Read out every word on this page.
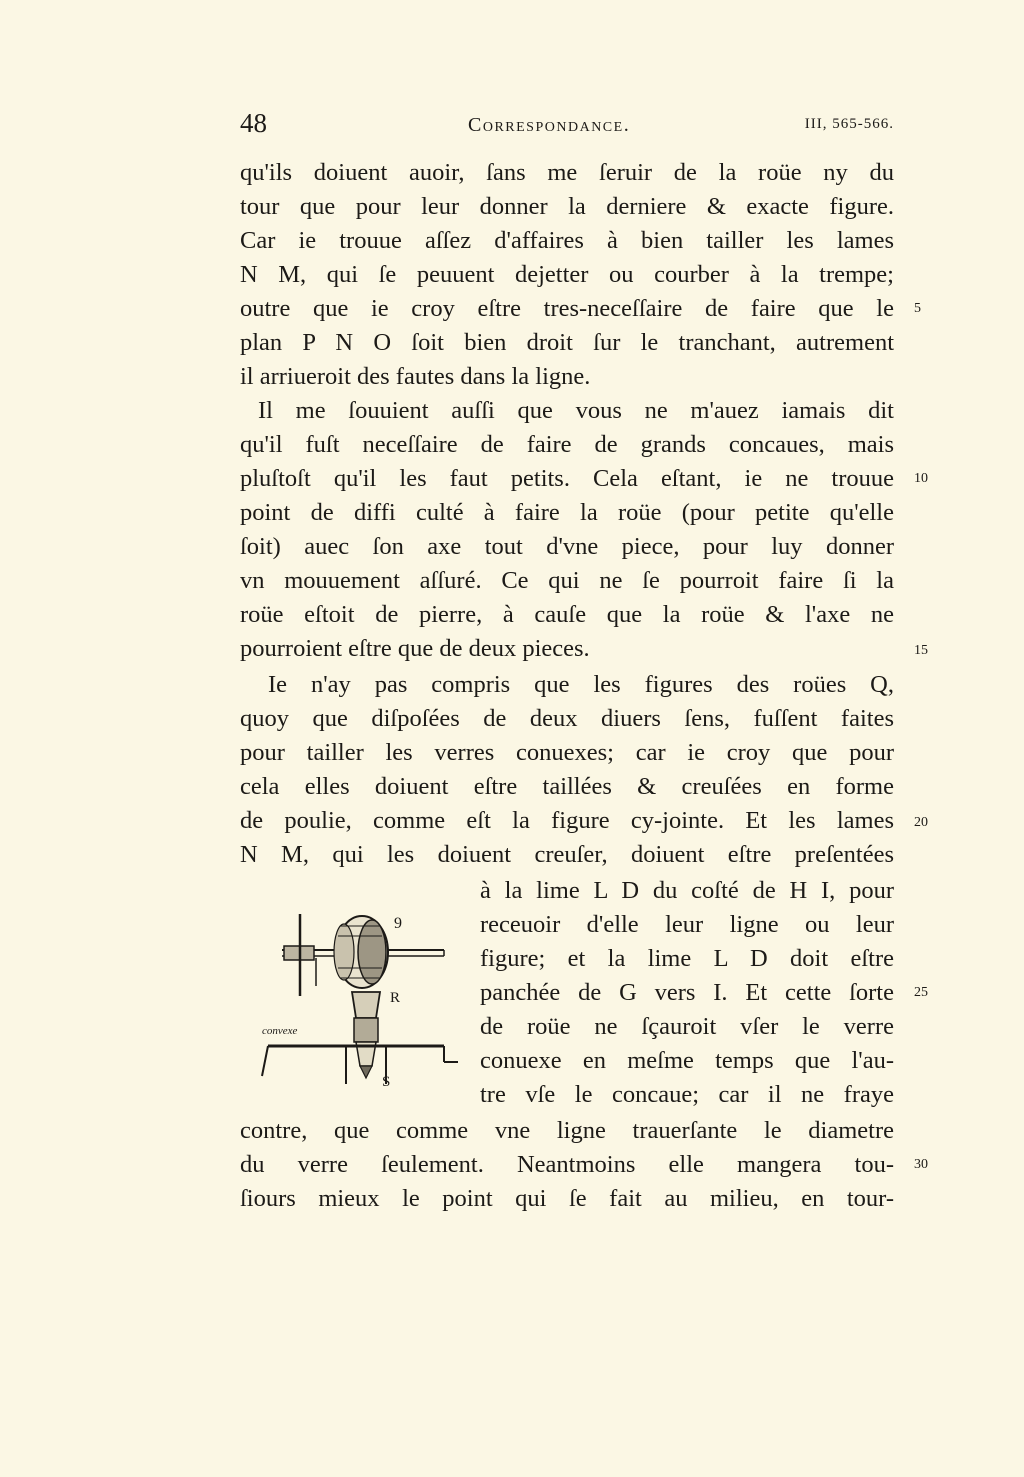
48	Correspondance.	III, 565-566.
qu'ils doiuent auoir, ſans me ſeruir de la roüe ny du
tour que pour leur donner la derniere & exacte figure.
Car ie trouue aſſez d'affaires à bien tailler les lames
N M, qui ſe peuuent dejetter ou courber à la trempe;
outre que ie croy eſtre tres-neceſſaire de faire que le
plan P N O ſoit bien droit ſur le tranchant, autrement
il arriueroit des fautes dans la ligne.
Il me ſouuient auſſi que vous ne m'auez iamais dit
qu'il fuſt neceſſaire de faire de grands concaues, mais
pluſtoſt qu'il les faut petits. Cela eſtant, ie ne trouue
point de diffi culté à faire la roüe (pour petite qu'elle
ſoit) auec ſon axe tout d'vne piece, pour luy donner
vn mouuement aſſuré. Ce qui ne ſe pourroit faire ſi la
roüe eſtoit de pierre, à cauſe que la roüe & l'axe ne
pourroient eſtre que de deux pieces.
Ie n'ay pas compris que les figures des roües Q,
quoy que diſpoſées de deux diuers ſens, fuſſent faites
pour tailler les verres conuexes; car ie croy que pour
cela elles doiuent eſtre taillées & creuſées en forme
de poulie, comme eſt la figure cy-jointe. Et les lames
N M, qui les doiuent creuſer, doiuent eſtre preſentées
à la lime L D du coſté de H I, pour
receuoir d'elle leur ligne ou leur
figure; et la lime L D doit eſtre
panchée de G vers I. Et cette ſorte
de roüe ne ſçauroit vſer le verre
conuexe en meſme temps que l'au-
tre vſe le concaue; car il ne fraye
contre, que comme vne ligne trauerſante le diametre
du verre ſeulement. Neantmoins elle mangera tou-
ſiours mieux le point qui ſe fait au milieu, en tour-
5
10
15
20
25
30
9
R
S
convexe
